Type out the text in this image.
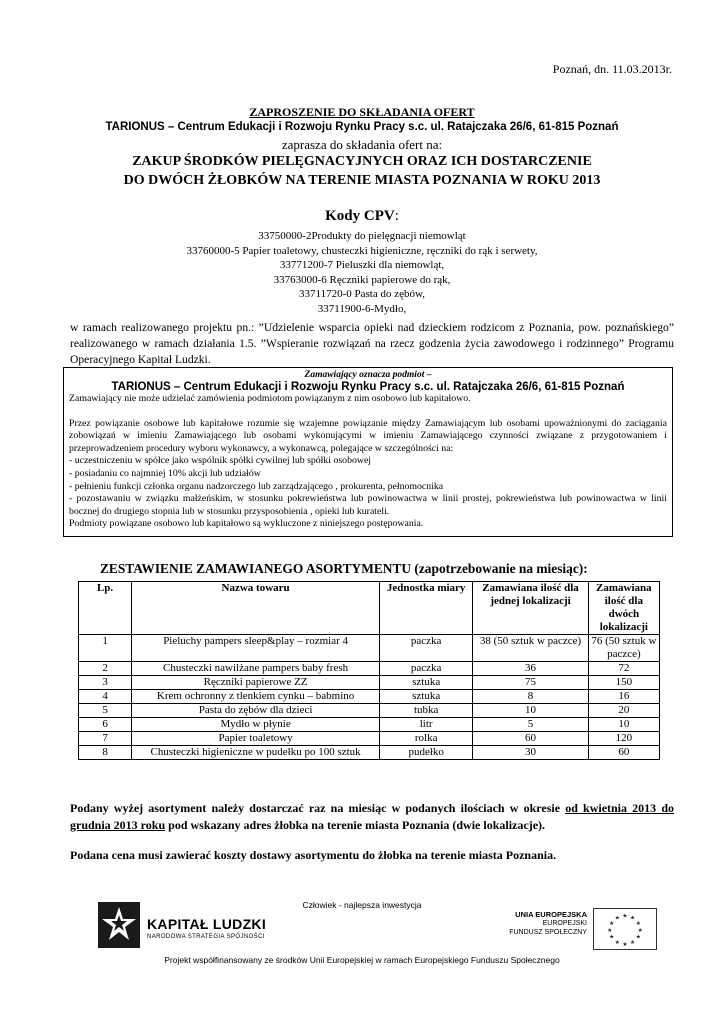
Poznań, dn. 11.03.2013r.
ZAPROSZENIE DO SKŁADANIA OFERT
TARIONUS – Centrum Edukacji i Rozwoju Rynku Pracy s.c. ul. Ratajczaka 26/6, 61-815 Poznań
zaprasza do składania ofert na:
ZAKUP ŚRODKÓW PIELĘGNACYJNYCH ORAZ ICH DOSTARCZENIE
DO DWÓCH ŻŁOBKÓW NA TERENIE MIASTA POZNANIA W ROKU 2013
Kody CPV:
33750000-2Produkty do pielęgnacji niemowląt
33760000-5 Papier toaletowy, chusteczki higieniczne, ręczniki do rąk i serwety,
33771200-7 Pieluszki dla niemowląt,
33763000-6 Ręczniki papierowe do rąk,
33711720-0 Pasta do zębów,
33711900-6-Mydło,
w ramach realizowanego projektu pn.: ”Udzielenie wsparcia opieki nad dzieckiem rodzicom z Poznania, pow. poznańskiego” realizowanego w ramach działania 1.5. ”Wspieranie rozwiązań na rzecz godzenia życia zawodowego i rodzinnego” Programu Operacyjnego Kapitał Ludzki.
Zamawiający oznacza podmiot –
TARIONUS – Centrum Edukacji i Rozwoju Rynku Pracy s.c. ul. Ratajczaka 26/6, 61-815 Poznań
Zamawiający nie może udzielać zamówienia podmiotom powiązanym z nim osobowo lub kapitałowo.
Przez powiązanie osobowe lub kapitałowe rozumie się wzajemne powiązanie między Zamawiającym lub osobami upoważnionymi do zaciągania zobowiązań w imieniu Zamawiającego lub osobami wykonującymi w imieniu Zamawiającego czynności związane z przygotowaniem i przeprowadzeniem procedury wyboru wykonawcy, a wykonawcą, polegające w szczególności na:
- uczestniczeniu w spółce jako wspólnik spółki cywilnej lub spółki osobowej
- posiadaniu co najmniej 10% akcji lub udziałów
- pełnieniu funkcji członka organu nadzorczego lub zarządzającego , prokurenta, pełnomocnika
- pozostawaniu w związku małżeńskim, w stosunku pokrewieństwa lub powinowactwa w linii prostej, pokrewieństwa lub powinowactwa w linii bocznej do drugiego stopnia lub w stosunku przysposobienia , opieki lub kurateli.
Podmioty powiązane osobowo lub kapitałowo są wykluczone z niniejszego postępowania.
ZESTAWIENIE ZAMAWIANEGO ASORTYMENTU (zapotrzebowanie na miesiąc):
Lp.	Nazwa towaru	Jednostka miary	Zamawiana ilość dla jednej lokalizacji	Zamawiana ilość dla dwóch lokalizacji
1	Pieluchy pampers sleep&play – rozmiar 4	paczka	38 (50 sztuk w paczce)	76 (50 sztuk w paczce)
2	Chusteczki nawilżane pampers baby fresh	paczka	36	72
3	Ręczniki papierowe ZZ	sztuka	75	150
4	Krem ochronny z tlenkiem cynku – babmino	sztuka	8	16
5	Pasta do zębów dla dzieci	tubka	10	20
6	Mydło w płynie	litr	5	10
7	Papier toaletowy	rolka	60	120
8	Chusteczki higieniczne w pudełku po 100 sztuk	pudełko	30	60
Podany wyżej asortyment należy dostarczać raz na miesiąc w podanych ilościach w okresie od kwietnia 2013 do grudnia 2013 roku pod wskazany adres żłobka na terenie miasta Poznania (dwie lokalizacje).
Podana cena musi zawierać koszty dostawy asortymentu do żłobka na terenie miasta Poznania.
Człowiek - najlepsza inwestycja
KAPITAŁ LUDZKI
NARODOWA STRATEGIA SPÓJNOŚCI
UNIA EUROPEJSKA
EUROPEJSKI
FUNDUSZ SPOŁECZNY
★ ★
★
★
★
★
★
★
★
★
★
★
Projekt współfinansowany ze środków Unii Europejskiej w ramach Europejskiego Funduszu Społecznego
